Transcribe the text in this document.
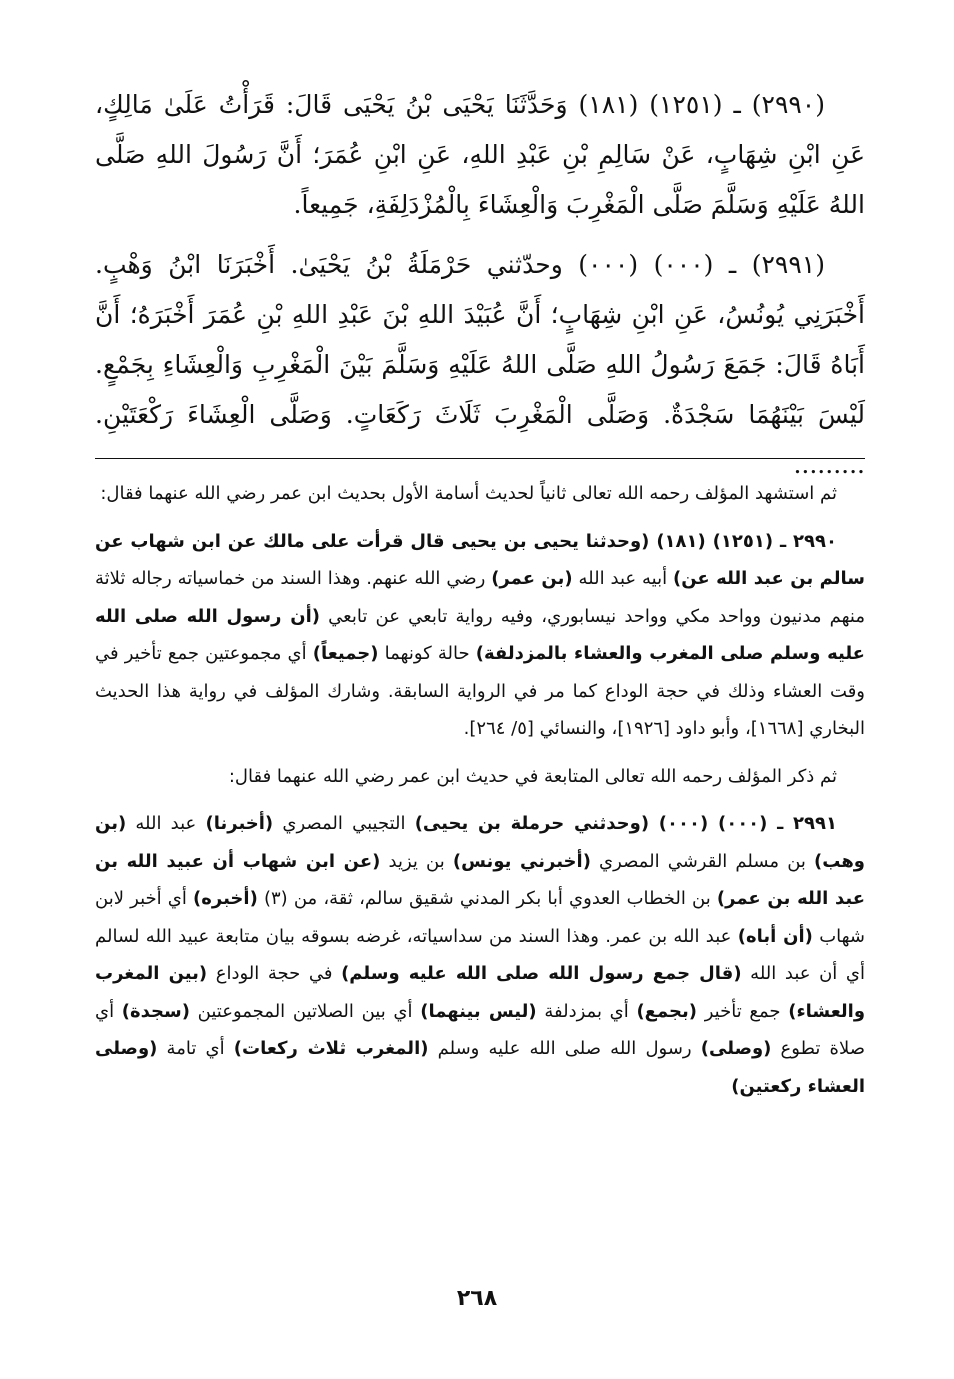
(٢٩٩٠) ـ (١٢٥١) (١٨١) وَحَدَّثَنَا يَحْيَى بْنُ يَحْيَى قَالَ: قَرَأْتُ عَلَىٰ مَالِكٍ، عَنِ ابْنِ شِهَابٍ، عَنْ سَالِمِ بْنِ عَبْدِ اللهِ، عَنِ ابْنِ عُمَرَ؛ أَنَّ رَسُولَ اللهِ صَلَّى اللهُ عَلَيْهِ وَسَلَّمَ صَلَّى الْمَغْرِبَ وَالْعِشَاءَ بِالْمُزْدَلِفَةِ، جَمِيعاً.

(٢٩٩١) ـ (٠٠٠) (٠٠٠) وحدّثني حَرْمَلَةُ بْنُ يَحْيَىٰ. أَخْبَرَنَا ابْنُ وَهْبٍ. أَخْبَرَنِي يُونُسُ، عَنِ ابْنِ شِهَابٍ؛ أَنَّ عُبَيْدَ اللهِ بْنَ عَبْدِ اللهِ بْنِ عُمَرَ أَخْبَرَهُ؛ أَنَّ أَبَاهُ قَالَ: جَمَعَ رَسُولُ اللهِ صَلَّى اللهُ عَلَيْهِ وَسَلَّمَ بَيْنَ الْمَغْرِبِ وَالْعِشَاءِ بِجَمْعٍ. لَيْسَ بَيْنَهُمَا سَجْدَةٌ. وَصَلَّى الْمَغْرِبَ ثَلَاثَ رَكَعَاتٍ. وَصَلَّى الْعِشَاءَ رَكْعَتَيْنِ. .........

ثم استشهد المؤلف رحمه الله تعالى ثانياً لحديث أسامة الأول بحديث ابن عمر رضي الله عنهما فقال:

٢٩٩٠ ـ (١٢٥١) (١٨١) (وحدثنا يحيى بن يحيى قال قرأت على مالك عن ابن شهاب عن سالم بن عبد الله عن) أبيه عبد الله (بن عمر) رضي الله عنهم. وهذا السند من خماسياته رجاله ثلاثة منهم مدنيون وواحد مكي وواحد نيسابوري، وفيه رواية تابعي عن تابعي (أن رسول الله صلى الله عليه وسلم صلى المغرب والعشاء بالمزدلفة) حالة كونهما (جميعاً) أي مجموعتين جمع تأخير في وقت العشاء وذلك في حجة الوداع كما مر في الرواية السابقة. وشارك المؤلف في رواية هذا الحديث البخاري [١٦٦٨]، وأبو داود [١٩٢٦]، والنسائي [٥/ ٢٦٤].

ثم ذكر المؤلف رحمه الله تعالى المتابعة في حديث ابن عمر رضي الله عنهما فقال:

٢٩٩١ ـ (٠٠٠) (٠٠٠) (وحدثني حرملة بن يحيى) التجيبي المصري (أخبرنا) عبد الله (بن وهب) بن مسلم القرشي المصري (أخبرني يونس) بن يزيد (عن ابن شهاب أن عبيد الله بن عبد الله بن عمر) بن الخطاب العدوي أبا بكر المدني شقيق سالم، ثقة، من (٣) (أخبره) أي أخبر لابن شهاب (أن أباه) عبد الله بن عمر. وهذا السند من سداسياته، غرضه بسوقه بيان متابعة عبيد الله لسالم أي أن عبد الله (قال جمع رسول الله صلى الله عليه وسلم) في حجة الوداع (بين المغرب والعشاء) جمع تأخير (بجمع) أي بمزدلفة (ليس بينهما) أي بين الصلاتين المجموعتين (سجدة) أي صلاة تطوع (وصلى) رسول الله صلى الله عليه وسلم (المغرب ثلاث ركعات) أي تامة (وصلى العشاء ركعتين)

٢٦٨
